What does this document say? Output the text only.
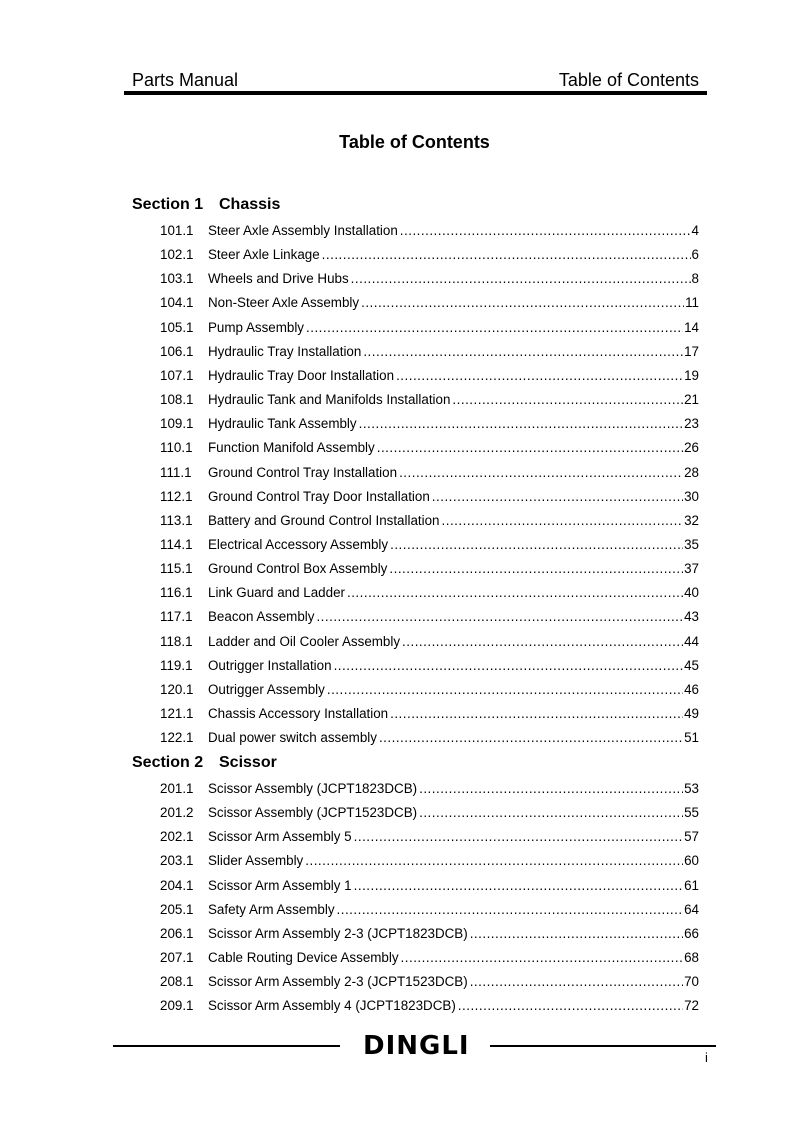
Parts Manual	Table of Contents
Table of Contents
Section 1 Chassis
101.1	Steer Axle Assembly Installation .....	4
102.1	Steer Axle Linkage .....	6
103.1	Wheels and Drive Hubs .....	8
104.1	Non-Steer Axle Assembly .....	11
105.1	Pump Assembly .....	14
106.1	Hydraulic Tray Installation .....	17
107.1	Hydraulic Tray Door Installation .....	19
108.1	Hydraulic Tank and Manifolds Installation .....	21
109.1	Hydraulic Tank Assembly .....	23
110.1	Function Manifold Assembly .....	26
111.1	Ground Control Tray Installation .....	28
112.1	Ground Control Tray Door Installation .....	30
113.1	Battery and Ground Control Installation .....	32
114.1	Electrical Accessory Assembly .....	35
115.1	Ground Control Box Assembly .....	37
116.1	Link Guard and Ladder .....	40
117.1	Beacon Assembly .....	43
118.1	Ladder and Oil Cooler Assembly .....	44
119.1	Outrigger Installation .....	45
120.1	Outrigger Assembly .....	46
121.1	Chassis Accessory Installation .....	49
122.1	Dual power switch assembly .....	51
Section 2 Scissor
201.1	Scissor Assembly (JCPT1823DCB) .....	53
201.2	Scissor Assembly (JCPT1523DCB) .....	55
202.1	Scissor Arm Assembly 5 .....	57
203.1	Slider Assembly .....	60
204.1	Scissor Arm Assembly 1 .....	61
205.1	Safety Arm Assembly .....	64
206.1	Scissor Arm Assembly 2-3 (JCPT1823DCB) .....	66
207.1	Cable Routing Device Assembly .....	68
208.1	Scissor Arm Assembly 2-3 (JCPT1523DCB) .....	70
209.1	Scissor Arm Assembly 4 (JCPT1823DCB) .....	72
DINGLI	i
